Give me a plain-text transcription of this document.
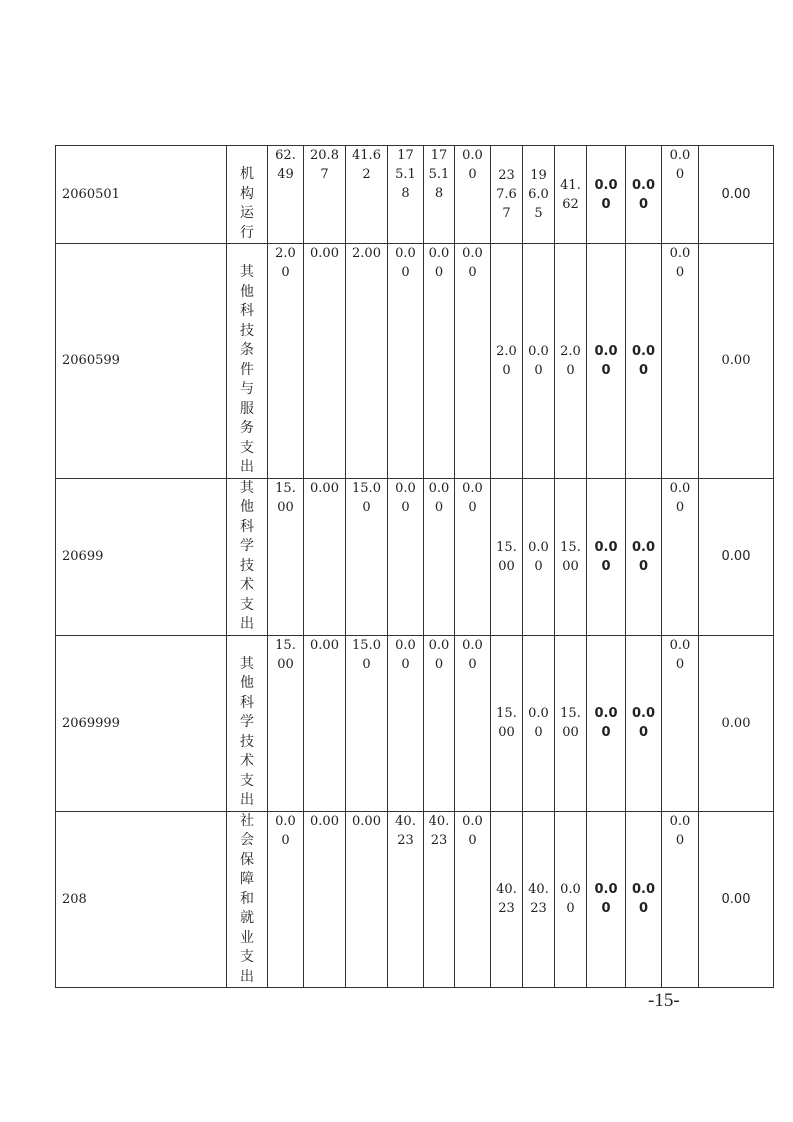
2060501	机构运行	62.49	20.87	41.62	175.18	175.18	0.00	237.67	196.05	41.62	0.00	0.00	0.00	0.00
2060599	其他科技条件与服务支出	2.00	0.00	2.00	0.00	0.00	0.00	2.00	0.00	2.00	0.00	0.00	0.00	0.00
20699	其他科学技术支出	15.00	0.00	15.00	0.00	0.00	0.00	15.00	0.00	15.00	0.00	0.00	0.00	0.00
2069999	其他科学技术支出	15.00	0.00	15.00	0.00	0.00	0.00	15.00	0.00	15.00	0.00	0.00	0.00	0.00
208	社会保障和就业支出	0.00	0.00	0.00	40.23	40.23	0.00	40.23	40.23	0.00	0.00	0.00	0.00	0.00
-15-
